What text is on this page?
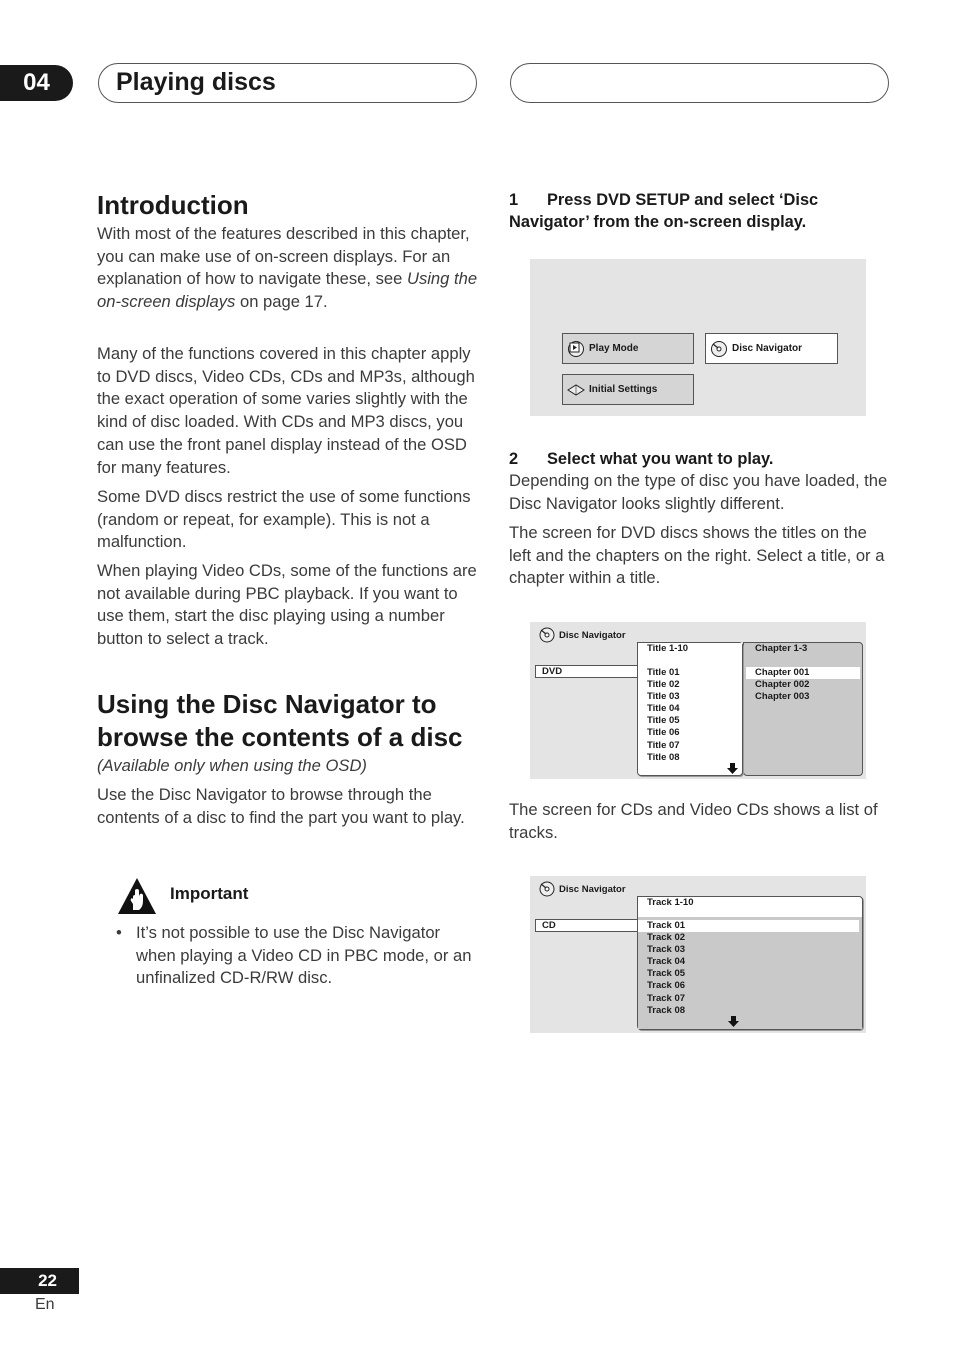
04	Playing discs
Introduction
With most of the features described in this chapter, you can make use of on-screen displays. For an explanation of how to navigate these, see Using the on-screen displays on page 17.
Many of the functions covered in this chapter apply to DVD discs, Video CDs, CDs and MP3s, although the exact operation of some varies slightly with the kind of disc loaded. With CDs and MP3 discs, you can use the front panel display instead of the OSD for many features.
Some DVD discs restrict the use of some functions (random or repeat, for example). This is not a malfunction.
When playing Video CDs, some of the functions are not available during PBC playback. If you want to use them, start the disc playing using a number button to select a track.
Using the Disc Navigator to
browse the contents of a disc
(Available only when using the OSD)
Use the Disc Navigator to browse through the contents of a disc to find the part you want to play.
Important
• It’s not possible to use the Disc Navigator when playing a Video CD in PBC mode, or an unfinalized CD-R/RW disc.
1 Press DVD SETUP and select ‘Disc Navigator’ from the on-screen display.
Play Mode	Disc Navigator
Initial Settings
2 Select what you want to play.
Depending on the type of disc you have loaded, the Disc Navigator looks slightly different.
The screen for DVD discs shows the titles on the left and the chapters on the right. Select a title, or a chapter within a title.
Disc Navigator
DVD
Title 1-10	Chapter 1-3
Title 01
Title 02
Title 03
Title 04
Title 05
Title 06
Title 07
Title 08
Chapter 001
Chapter 002
Chapter 003
The screen for CDs and Video CDs shows a list of tracks.
Disc Navigator
CD
Track 1-10
Track 01
Track 02
Track 03
Track 04
Track 05
Track 06
Track 07
Track 08
22
En
